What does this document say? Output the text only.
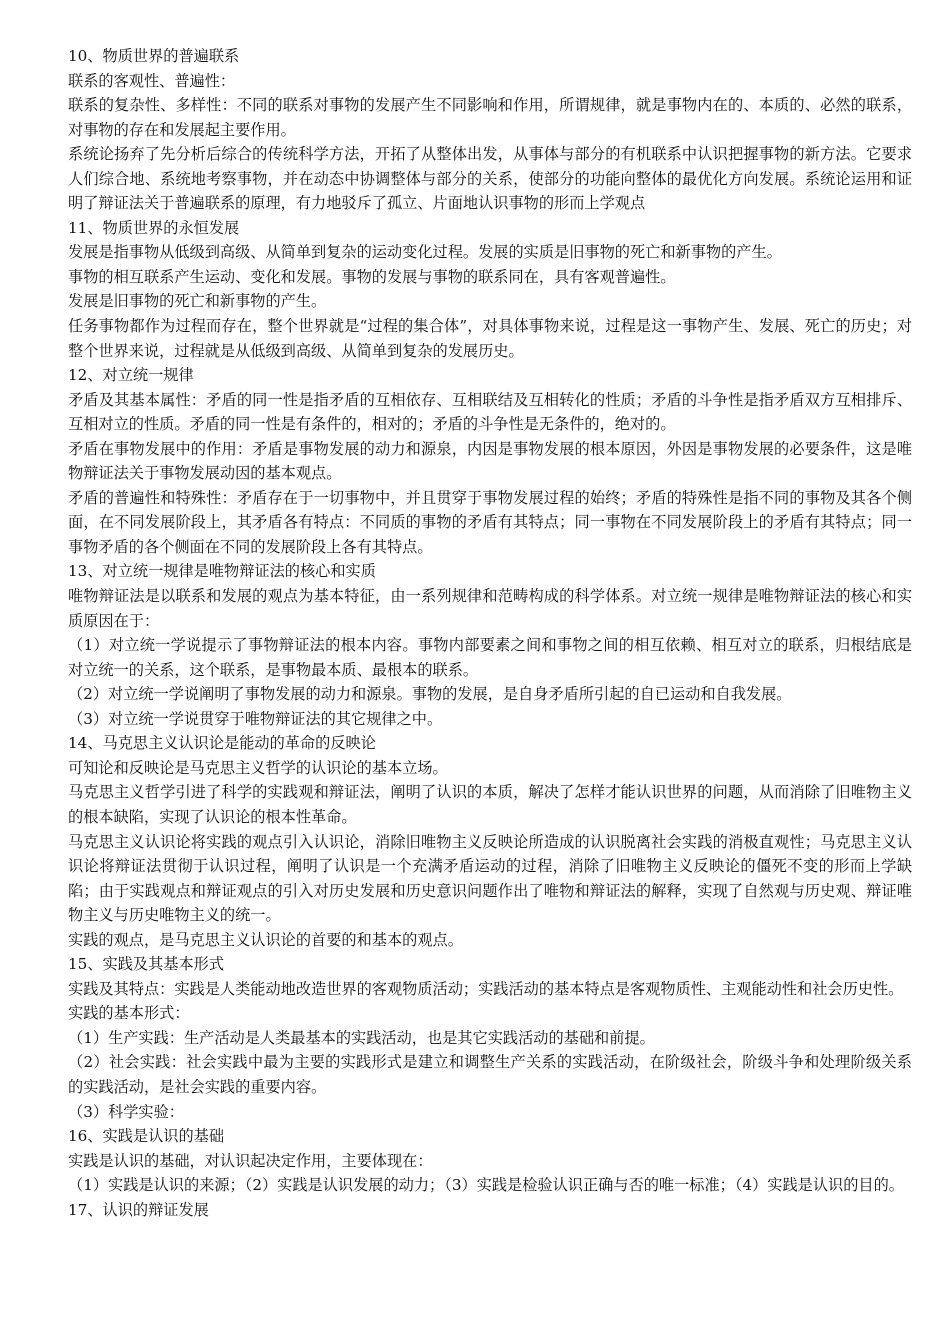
10、物质世界的普遍联系

联系的客观性、普遍性：

联系的复杂性、多样性：不同的联系对事物的发展产生不同影响和作用，所谓规律，就是事物内在的、本质的、必然的联系，对事物的存在和发展起主要作用。

系统论扬弃了先分析后综合的传统科学方法，开拓了从整体出发，从事体与部分的有机联系中认识把握事物的新方法。它要求人们综合地、系统地考察事物，并在动态中协调整体与部分的关系，使部分的功能向整体的最优化方向发展。系统论运用和证明了辩证法关于普遍联系的原理，有力地驳斥了孤立、片面地认识事物的形而上学观点

11、物质世界的永恒发展

发展是指事物从低级到高级、从简单到复杂的运动变化过程。发展的实质是旧事物的死亡和新事物的产生。

事物的相互联系产生运动、变化和发展。事物的发展与事物的联系同在，具有客观普遍性。

发展是旧事物的死亡和新事物的产生。

任务事物都作为过程而存在，整个世界就是“过程的集合体”，对具体事物来说，过程是这一事物产生、发展、死亡的历史；对整个世界来说，过程就是从低级到高级、从简单到复杂的发展历史。

12、对立统一规律

矛盾及其基本属性：矛盾的同一性是指矛盾的互相依存、互相联结及互相转化的性质；矛盾的斗争性是指矛盾双方互相排斥、互相对立的性质。矛盾的同一性是有条件的，相对的；矛盾的斗争性是无条件的，绝对的。

矛盾在事物发展中的作用：矛盾是事物发展的动力和源泉，内因是事物发展的根本原因，外因是事物发展的必要条件，这是唯物辩证法关于事物发展动因的基本观点。

矛盾的普遍性和特殊性：矛盾存在于一切事物中，并且贯穿于事物发展过程的始终；矛盾的特殊性是指不同的事物及其各个侧面，在不同发展阶段上，其矛盾各有特点：不同质的事物的矛盾有其特点；同一事物在不同发展阶段上的矛盾有其特点；同一事物矛盾的各个侧面在不同的发展阶段上各有其特点。

13、对立统一规律是唯物辩证法的核心和实质

唯物辩证法是以联系和发展的观点为基本特征，由一系列规律和范畴构成的科学体系。对立统一规律是唯物辩证法的核心和实质原因在于：

（1）对立统一学说提示了事物辩证法的根本内容。事物内部要素之间和事物之间的相互依赖、相互对立的联系，归根结底是对立统一的关系，这个联系，是事物最本质、最根本的联系。

（2）对立统一学说阐明了事物发展的动力和源泉。事物的发展，是自身矛盾所引起的自已运动和自我发展。

（3）对立统一学说贯穿于唯物辩证法的其它规律之中。

14、马克思主义认识论是能动的革命的反映论

可知论和反映论是马克思主义哲学的认识论的基本立场。

马克思主义哲学引进了科学的实践观和辩证法，阐明了认识的本质，解决了怎样才能认识世界的问题，从而消除了旧唯物主义的根本缺陷，实现了认识论的根本性革命。

马克思主义认识论将实践的观点引入认识论，消除旧唯物主义反映论所造成的认识脱离社会实践的消极直观性；马克思主义认识论将辩证法贯彻于认识过程，阐明了认识是一个充满矛盾运动的过程，消除了旧唯物主义反映论的僵死不变的形而上学缺陷；由于实践观点和辩证观点的引入对历史发展和历史意识问题作出了唯物和辩证法的解释，实现了自然观与历史观、辩证唯物主义与历史唯物主义的统一。

实践的观点，是马克思主义认识论的首要的和基本的观点。

15、实践及其基本形式

实践及其特点：实践是人类能动地改造世界的客观物质活动；实践活动的基本特点是客观物质性、主观能动性和社会历史性。

实践的基本形式：

（1）生产实践：生产活动是人类最基本的实践活动，也是其它实践活动的基础和前提。

（2）社会实践：社会实践中最为主要的实践形式是建立和调整生产关系的实践活动，在阶级社会，阶级斗争和处理阶级关系的实践活动，是社会实践的重要内容。

（3）科学实验：

16、实践是认识的基础

实践是认识的基础，对认识起决定作用，主要体现在：

（1）实践是认识的来源；（2）实践是认识发展的动力；（3）实践是检验认识正确与否的唯一标准；（4）实践是认识的目的。

17、认识的辩证发展
